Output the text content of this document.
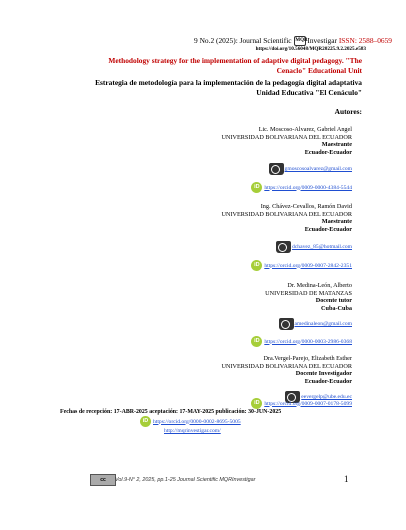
9 No.2 (2025): Journal Scientific MQRInvestigar ISSN: 2588–0659
https://doi.org/10.56048/MQR20225.9.2.2025.e583
Methodology strategy for the implementation of adaptive digital pedagogy. "The
Cenaclo" Educational Unit
Estrategia de metodología para la implementación de la pedagogía digital adaptativa
Unidad Educativa "El Cenáculo"
Autores:
Lic. Moscoso-Alvarez, Gabriel Angel
UNIVERSIDAD BOLIVARIANA DEL ECUADOR
Maestrante
Ecuador-Ecuador
gmoscosoalvarez@gmail.com
iD https://orcid.org/0009-0000-4384-5544
Ing. Chávez-Cevallos, Ramón David
UNIVERSIDAD BOLIVARIANA DEL ECUADOR
Maestrante
Ecuador-Ecuador
dchavez_85@hotmail.com
iD https://orcid.org/0009-0007-2842-2351
Dr. Medina-León, Alberto
UNIVERSIDAD DE MATANZAS
Docente tutor
Cuba-Cuba
amedinaleon@gmail.com
iD https://orcid.org/0000-0003-2986-0368
Dra.Vergel-Parejo, Elizabeth Esther
UNIVERSIDAD BOLIVARIANA DEL ECUADOR
Docente Investigador
Ecuador-Ecuador
eevergelp@ube.edu.ec
Fechas de recepción: 17-ABR-2025 aceptación: 17-MAY-2025 publicación: 30-JUN-2025
iD https://orcid.org/0000-0002-8695-5005
http://mqrinvestigar.com/
cc	Vol.9-N° 2, 2025, pp.1-25 Journal Scientific MQRInvestigar	1
iD https://orcid.org/0009-0007-0178-5099
